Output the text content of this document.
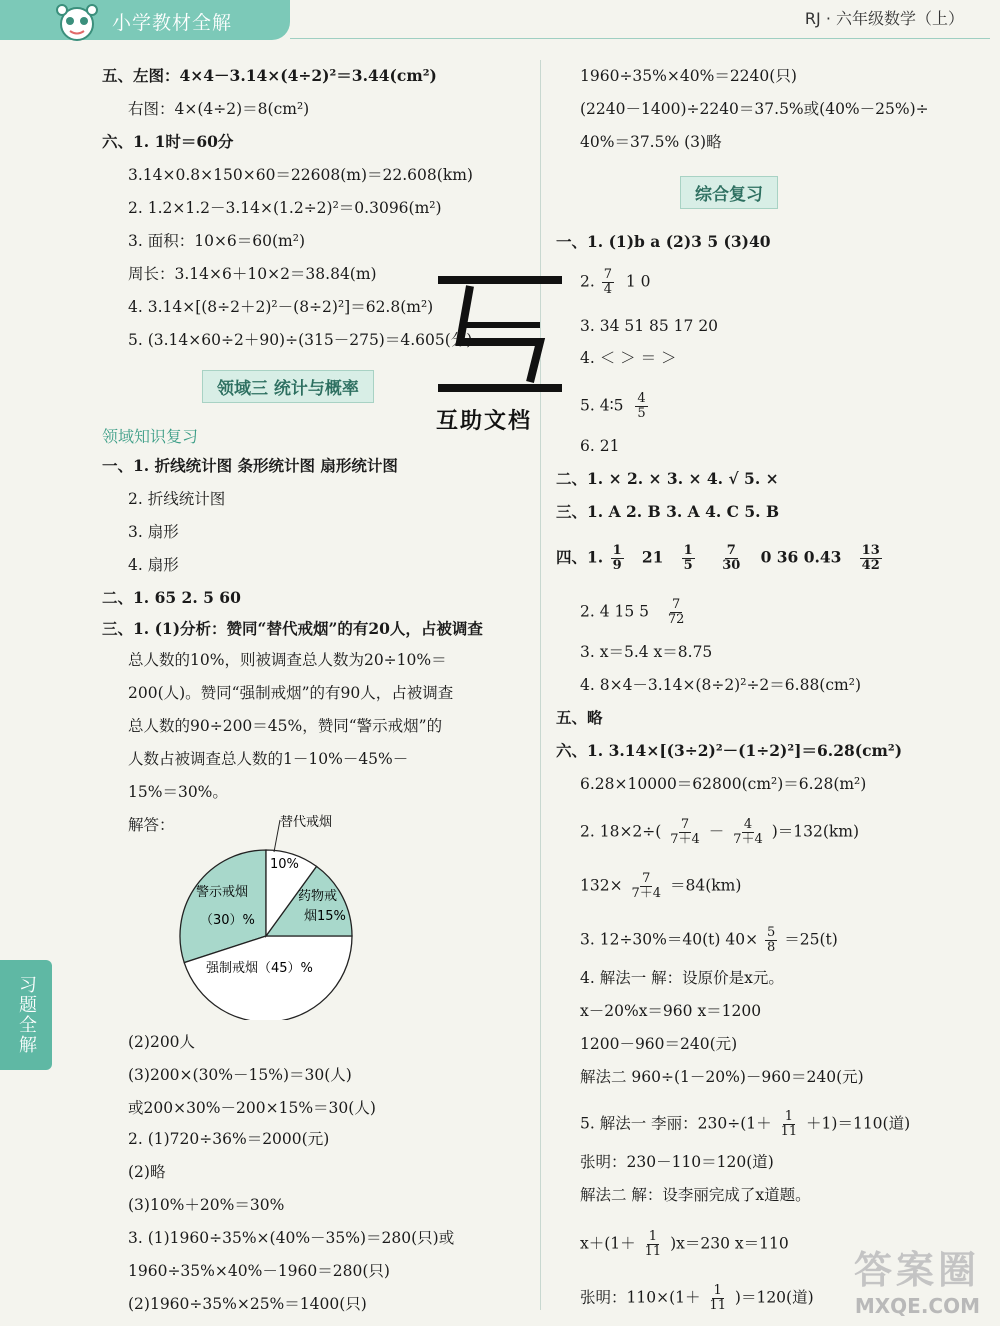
小学教材全解	RJ · 六年级数学（上）
习题全解
五、左图：4×4－3.14×(4÷2)²＝3.44(cm²)
右图：4×(4÷2)＝8(cm²)
六、1. 1时＝60分
3.14×0.8×150×60＝22608(m)＝22.608(km)
2. 1.2×1.2－3.14×(1.2÷2)²＝0.3096(m²)
3. 面积：10×6＝60(m²)
周长：3.14×6＋10×2＝38.84(m)
4. 3.14×[(8÷2＋2)²－(8÷2)²]＝62.8(m²)
5. (3.14×60÷2＋90)÷(315－275)＝4.605(分)
领域三 统计与概率
领域知识复习
一、1. 折线统计图 条形统计图 扇形统计图
2. 折线统计图
3. 扇形
4. 扇形
二、1. 65 2. 5 60
三、1. (1)分析：赞同“替代戒烟”的有20人，占被调查
总人数的10%，则被调查总人数为20÷10%＝
200(人)。赞同“强制戒烟”的有90人，占被调查
总人数的90÷200＝45%，赞同“警示戒烟”的
人数占被调查总人数的1－10%－45%－
15%＝30%。
解答：	替代戒烟
10%
药物戒
烟15%
警示戒烟
（30）%
强制戒烟（45）%
(2)200人
(3)200×(30%－15%)＝30(人)
或200×30%－200×15%＝30(人)
2. (1)720÷36%＝2000(元)
(2)略
(3)10%＋20%＝30%
3. (1)1960÷35%×(40%－35%)＝280(只)或
1960÷35%×40%－1960＝280(只)
(2)1960÷35%×25%＝1400(只)
互助文档
1960÷35%×40%＝2240(只)
(2240－1400)÷2240＝37.5%或(40%－25%)÷
40%＝37.5% (3)略
综合复习
一、1. (1)b a (2)3 5 (3)40
2. $\frac{7}{4} 1$ 0
3. 34 51 85 17 20
4. ＜ ＞ ＝ ＞
5. 4∶5 $\frac{4}{5}$
6. 21
二、1. × 2. × 3. × 4. √ 5. ×
三、1. A 2. B 3. A 4. C 5. B
四、1. $\frac{1}{9} 21 \frac{1}{5}$
$\frac{7}{30} 0$ 36 $0.43 \frac{13}{42}$
2. 4 15 $5 \frac{7}{72}$
3. x＝5.4 x＝8.75
4. 8×4－3.14×(8÷2)²÷2＝6.88(cm²)
五、略
六、1. 3.14×[(3÷2)²－(1÷2)²]＝6.28(cm²)
6.28×10000＝62800(cm²)＝6.28(m²)
2. $18\times 2\div( \frac{7}{7+4} - \frac{4}{7+4} )=132(km)$
$132\times \frac{7}{7+4} =84(km)$
3. 12÷30%＝40(t) $40\times \frac{5}{8} =25(t)$
4. 解法一 解：设原价是x元。
x－20%x＝960 x＝1200
1200－960＝240(元)
解法二 960÷(1－20%)－960＝240(元)
5. 解法一 李丽：$230\div(1+ \frac{1}{11} +1)=110$(道)
张明：230－110＝120(道)
解法二 解：设李丽完成了x道题。
$x+(1+ \frac{1}{11} )x=230$ x＝110
张明：$110\times(1+ \frac{1}{11} )=120$(道)
答案圈
MXQE.COM
